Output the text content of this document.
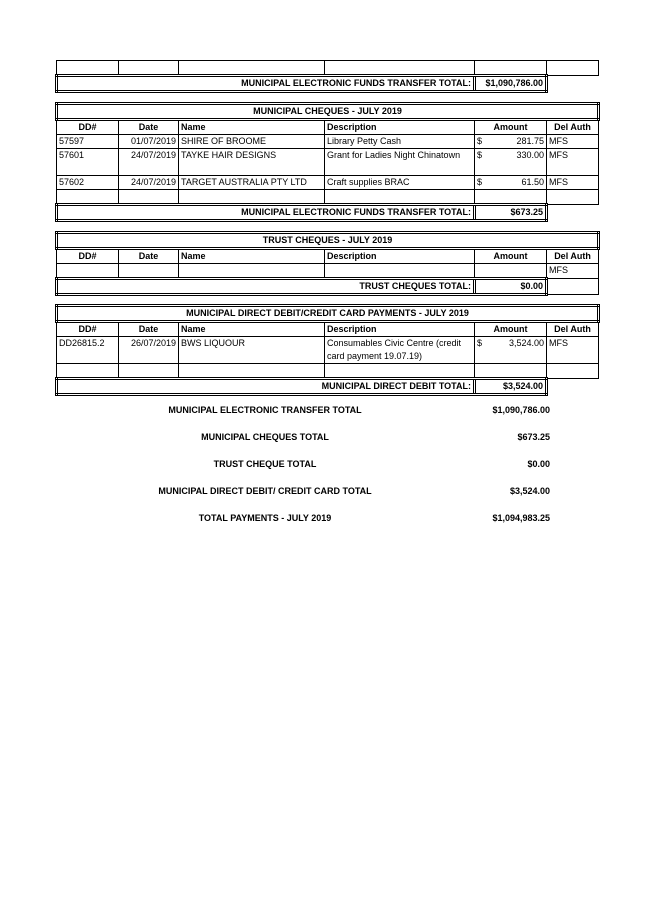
MUNICIPAL ELECTRONIC FUNDS TRANSFER TOTAL:				$1,090,786.00	
MUNICIPAL CHEQUES - JULY 2019					
DD#	Date	Name	Description	Amount	Del Auth
57597	01/07/2019	SHIRE OF BROOME	Library Petty Cash	$ 281.75	MFS
57601	24/07/2019	TAYKE HAIR DESIGNS	Grant for Ladies Night Chinatown	$ 330.00	MFS
57602	24/07/2019	TARGET AUSTRALIA PTY LTD	Craft supplies BRAC	$ 61.50	MFS

MUNICIPAL ELECTRONIC FUNDS TRANSFER TOTAL:				$673.25	
TRUST CHEQUES - JULY 2019					
DD#	Date	Name	Description	Amount	Del Auth
					MFS
TRUST CHEQUES TOTAL:				$0.00	
MUNICIPAL DIRECT DEBIT/CREDIT CARD PAYMENTS - JULY 2019					
DD#	Date	Name	Description	Amount	Del Auth
DD26815.2	26/07/2019	BWS LIQUOUR	Consumables Civic Centre (credit card payment 19.07.19)	$ 3,524.00	MFS

MUNICIPAL DIRECT DEBIT TOTAL:				$3,524.00	
MUNICIPAL ELECTRONIC TRANSFER TOTAL	$1,090,786.00
MUNICIPAL CHEQUES TOTAL	$673.25
TRUST CHEQUE TOTAL	$0.00
MUNICIPAL DIRECT DEBIT/ CREDIT CARD TOTAL	$3,524.00
TOTAL PAYMENTS - JULY 2019	$1,094,983.25
